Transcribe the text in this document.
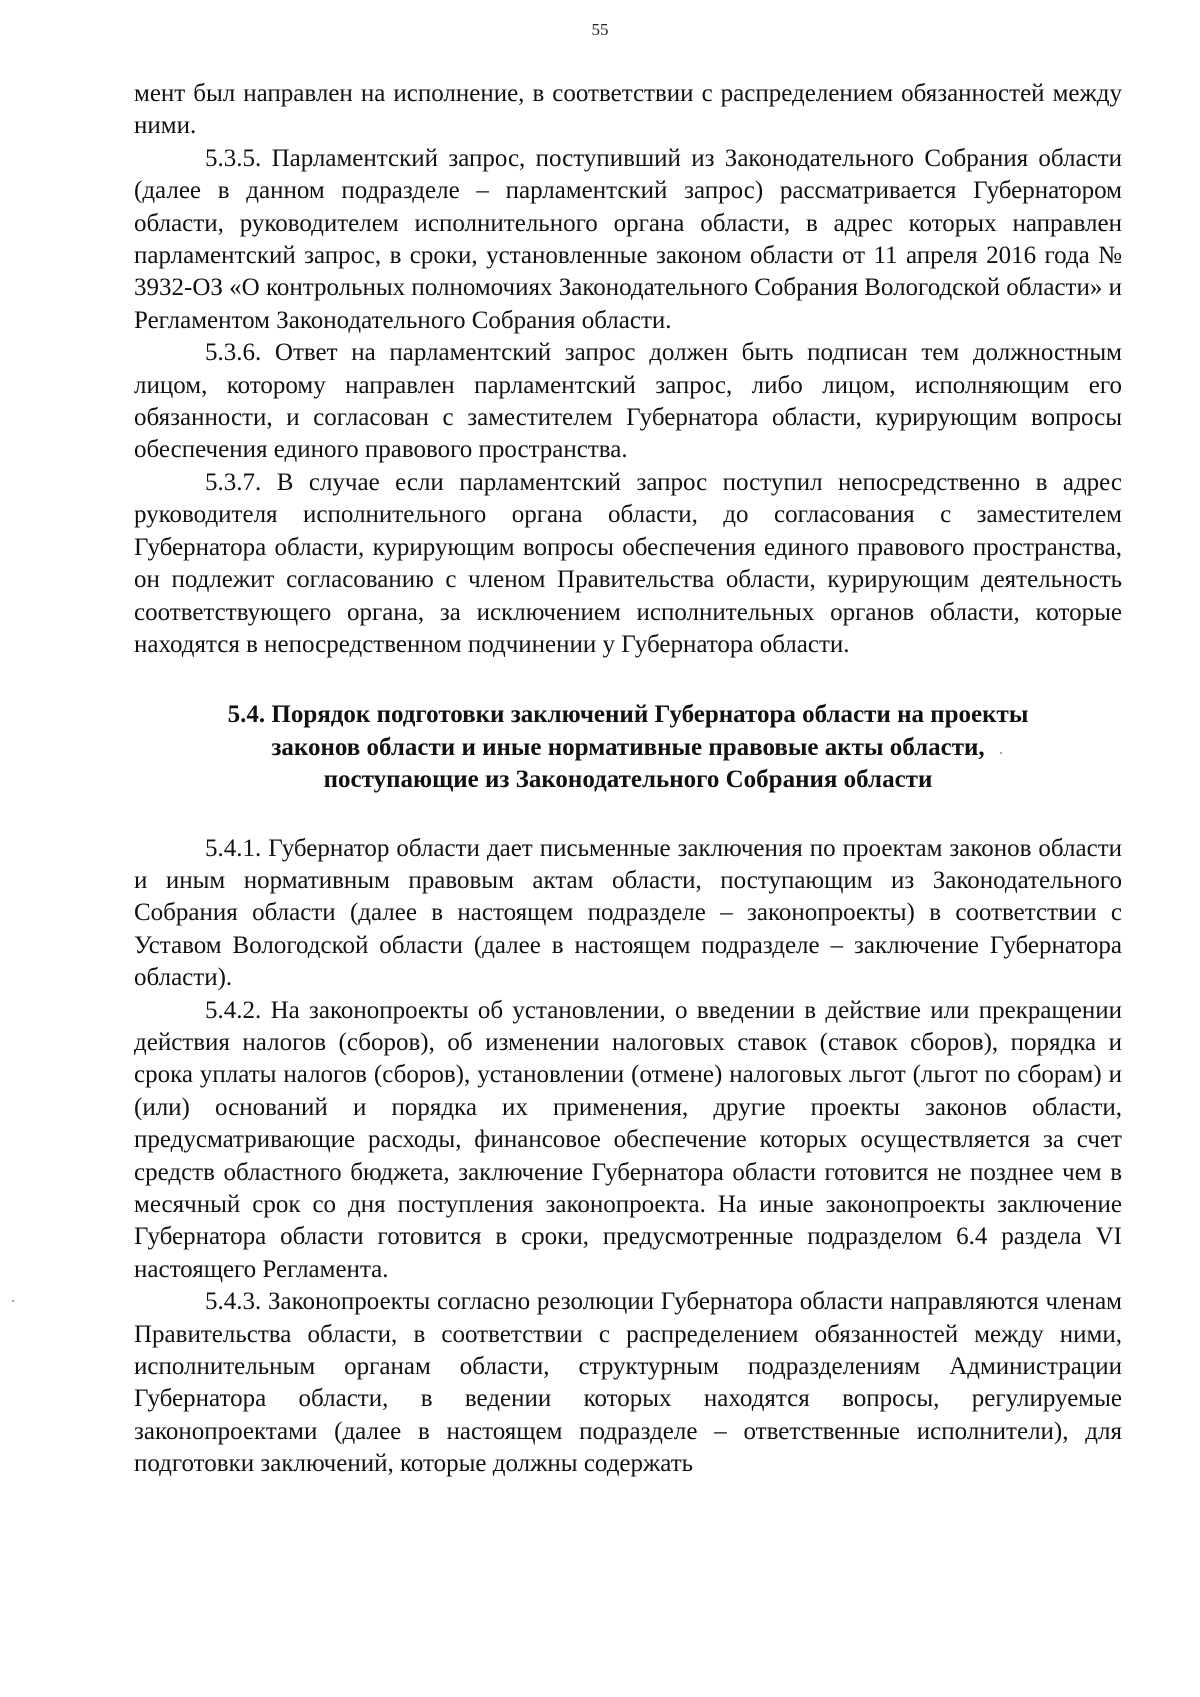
55

мент был направлен на исполнение, в соответствии с распределением обязанностей между ними.

5.3.5. Парламентский запрос, поступивший из Законодательного Собрания области (далее в данном подразделе – парламентский запрос) рассматривается Губернатором области, руководителем исполнительного органа области, в адрес которых направлен парламентский запрос, в сроки, установленные законом области от 11 апреля 2016 года № 3932-ОЗ «О контрольных полномочиях Законодательного Собрания Вологодской области» и Регламентом Законодательного Собрания области.

5.3.6. Ответ на парламентский запрос должен быть подписан тем должностным лицом, которому направлен парламентский запрос, либо лицом, исполняющим его обязанности, и согласован с заместителем Губернатора области, курирующим вопросы обеспечения единого правового пространства.

5.3.7. В случае если парламентский запрос поступил непосредственно в адрес руководителя исполнительного органа области, до согласования с заместителем Губернатора области, курирующим вопросы обеспечения единого правового пространства, он подлежит согласованию с членом Правительства области, курирующим деятельность соответствующего органа, за исключением исполнительных органов области, которые находятся в непосредственном подчинении у Губернатора области.

5.4. Порядок подготовки заключений Губернатора области на проекты
законов области и иные нормативные правовые акты области,
поступающие из Законодательного Собрания области

5.4.1. Губернатор области дает письменные заключения по проектам законов области и иным нормативным правовым актам области, поступающим из Законодательного Собрания области (далее в настоящем подразделе – законопроекты) в соответствии с Уставом Вологодской области (далее в настоящем подразделе – заключение Губернатора области).

5.4.2. На законопроекты об установлении, о введении в действие или прекращении действия налогов (сборов), об изменении налоговых ставок (ставок сборов), порядка и срока уплаты налогов (сборов), установлении (отмене) налоговых льгот (льгот по сборам) и (или) оснований и порядка их применения, другие проекты законов области, предусматривающие расходы, финансовое обеспечение которых осуществляется за счет средств областного бюджета, заключение Губернатора области готовится не позднее чем в месячный срок со дня поступления законопроекта. На иные законопроекты заключение Губернатора области готовится в сроки, предусмотренные подразделом 6.4 раздела VI настоящего Регламента.

5.4.3. Законопроекты согласно резолюции Губернатора области направляются членам Правительства области, в соответствии с распределением обязанностей между ними, исполнительным органам области, структурным подразделениям Администрации Губернатора области, в ведении которых находятся вопросы, регулируемые законопроектами (далее в настоящем подразделе – ответственные исполнители), для подготовки заключений, которые должны содержать
